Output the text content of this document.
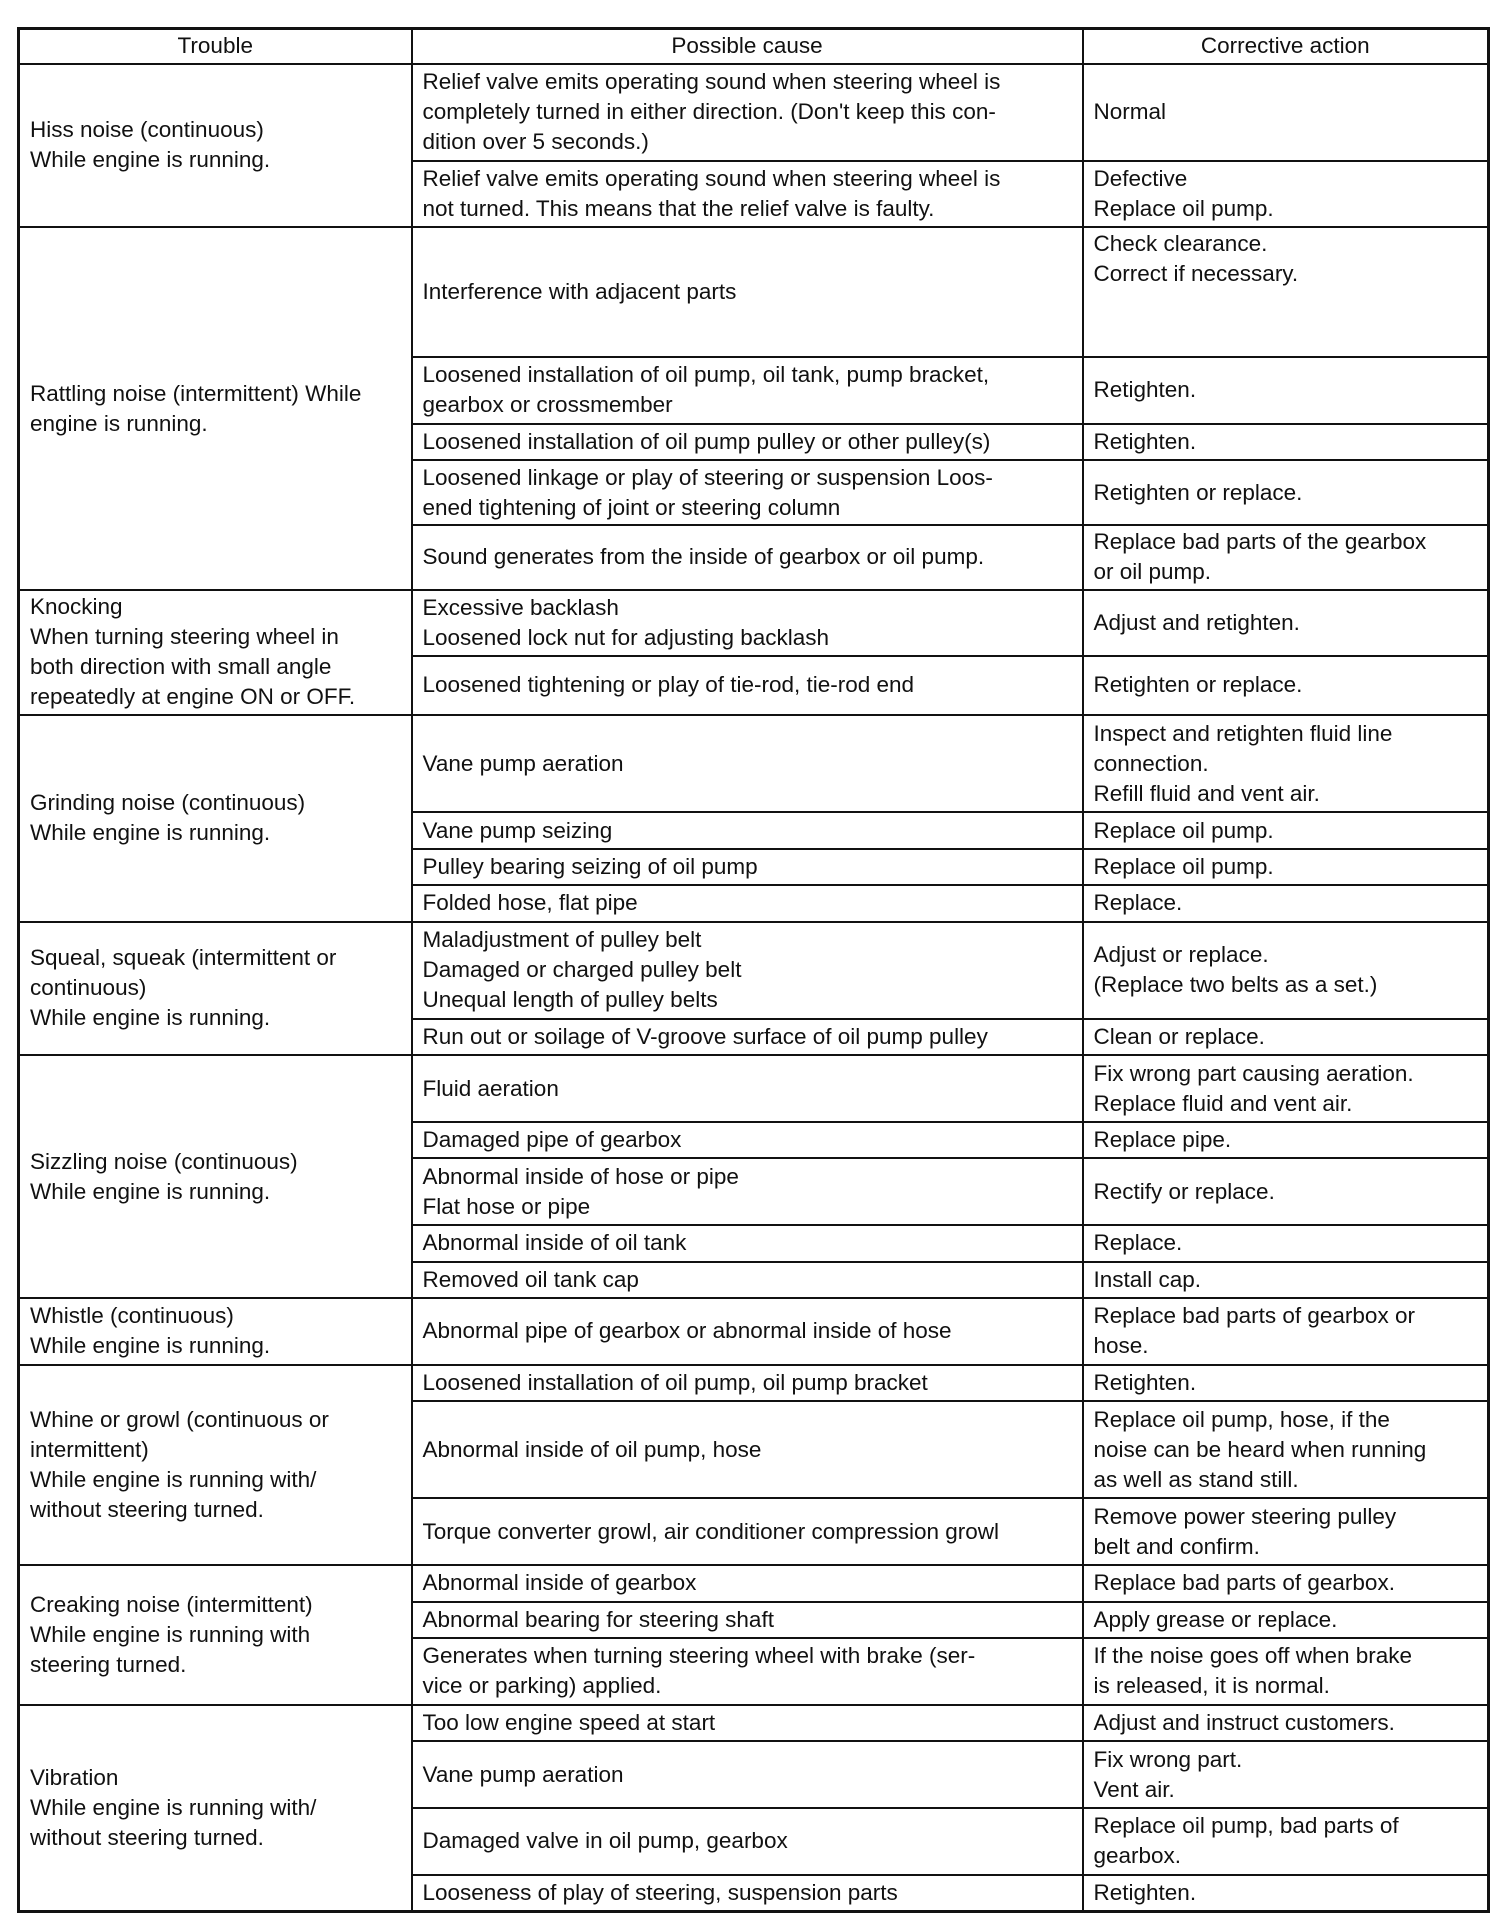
Trouble	Possible cause	Corrective action

Hiss noise (continuous)
While engine is running.	Relief valve emits operating sound when steering wheel is
completely turned in either direction. (Don't keep this con-
dition over 5 seconds.)	Normal

	Relief valve emits operating sound when steering wheel is
not turned. This means that the relief valve is faulty.	Defective
Replace oil pump.

Rattling noise (intermittent) While
engine is running.	Interference with adjacent parts	Check clearance.
Correct if necessary.

	Loosened installation of oil pump, oil tank, pump bracket,
gearbox or crossmember	Retighten.

	Loosened installation of oil pump pulley or other pulley(s)	Retighten.

	Loosened linkage or play of steering or suspension Loos-
ened tightening of joint or steering column	Retighten or replace.

	Sound generates from the inside of gearbox or oil pump.	Replace bad parts of the gearbox
or oil pump.

Knocking
When turning steering wheel in
both direction with small angle
repeatedly at engine ON or OFF.	Excessive backlash
Loosened lock nut for adjusting backlash	Adjust and retighten.

	Loosened tightening or play of tie-rod, tie-rod end	Retighten or replace.

Grinding noise (continuous)
While engine is running.	Vane pump aeration	Inspect and retighten fluid line
connection.
Refill fluid and vent air.

	Vane pump seizing	Replace oil pump.

	Pulley bearing seizing of oil pump	Replace oil pump.

	Folded hose, flat pipe	Replace.

Squeal, squeak (intermittent or
continuous)
While engine is running.	Maladjustment of pulley belt
Damaged or charged pulley belt
Unequal length of pulley belts	Adjust or replace.
(Replace two belts as a set.)

	Run out or soilage of V-groove surface of oil pump pulley	Clean or replace.

Sizzling noise (continuous)
While engine is running.	Fluid aeration	Fix wrong part causing aeration.
Replace fluid and vent air.

	Damaged pipe of gearbox	Replace pipe.

	Abnormal inside of hose or pipe
Flat hose or pipe	Rectify or replace.

	Abnormal inside of oil tank	Replace.

	Removed oil tank cap	Install cap.

Whistle (continuous)
While engine is running.	Abnormal pipe of gearbox or abnormal inside of hose	Replace bad parts of gearbox or
hose.

Whine or growl (continuous or
intermittent)
While engine is running with/
without steering turned.	Loosened installation of oil pump, oil pump bracket	Retighten.

	Abnormal inside of oil pump, hose	Replace oil pump, hose, if the
noise can be heard when running
as well as stand still.

	Torque converter growl, air conditioner compression growl	Remove power steering pulley
belt and confirm.

Creaking noise (intermittent)
While engine is running with
steering turned.	Abnormal inside of gearbox	Replace bad parts of gearbox.

	Abnormal bearing for steering shaft	Apply grease or replace.

	Generates when turning steering wheel with brake (ser-
vice or parking) applied.	If the noise goes off when brake
is released, it is normal.

Vibration
While engine is running with/
without steering turned.	Too low engine speed at start	Adjust and instruct customers.

	Vane pump aeration	Fix wrong part.
Vent air.

	Damaged valve in oil pump, gearbox	Replace oil pump, bad parts of
gearbox.

	Looseness of play of steering, suspension parts	Retighten.
